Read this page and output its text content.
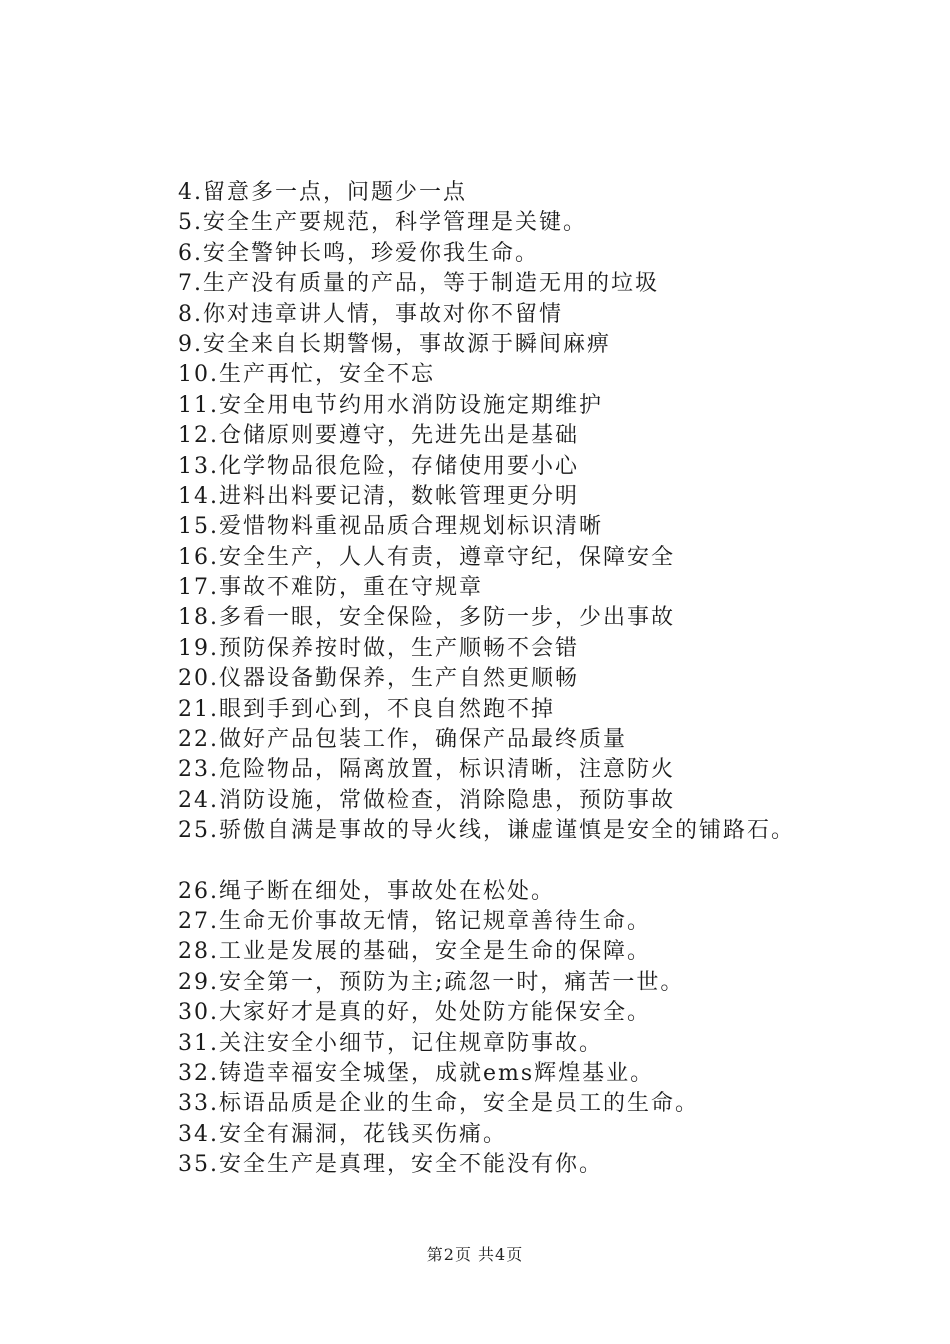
4.留意多一点，问题少一点
5.安全生产要规范，科学管理是关键。
6.安全警钟长鸣，珍爱你我生命。
7.生产没有质量的产品，等于制造无用的垃圾
8.你对违章讲人情，事故对你不留情
9.安全来自长期警惕，事故源于瞬间麻痹
10.生产再忙，安全不忘
11.安全用电节约用水消防设施定期维护
12.仓储原则要遵守，先进先出是基础
13.化学物品很危险，存储使用要小心
14.进料出料要记清，数帐管理更分明
15.爱惜物料重视品质合理规划标识清晰
16.安全生产，人人有责，遵章守纪，保障安全
17.事故不难防，重在守规章
18.多看一眼，安全保险，多防一步，少出事故
19.预防保养按时做，生产顺畅不会错
20.仪器设备勤保养，生产自然更顺畅
21.眼到手到心到，不良自然跑不掉
22.做好产品包装工作，确保产品最终质量
23.危险物品，隔离放置，标识清晰，注意防火
24.消防设施，常做检查，消除隐患，预防事故
25.骄傲自满是事故的导火线，谦虚谨慎是安全的铺路石。
26.绳子断在细处，事故处在松处。
27.生命无价事故无情，铭记规章善待生命。
28.工业是发展的基础，安全是生命的保障。
29.安全第一，预防为主;疏忽一时，痛苦一世。
30.大家好才是真的好，处处防方能保安全。
31.关注安全小细节，记住规章防事故。
32.铸造幸福安全城堡，成就ems辉煌基业。
33.标语品质是企业的生命，安全是员工的生命。
34.安全有漏洞，花钱买伤痛。
35.安全生产是真理，安全不能没有你。
第2页 共4页
